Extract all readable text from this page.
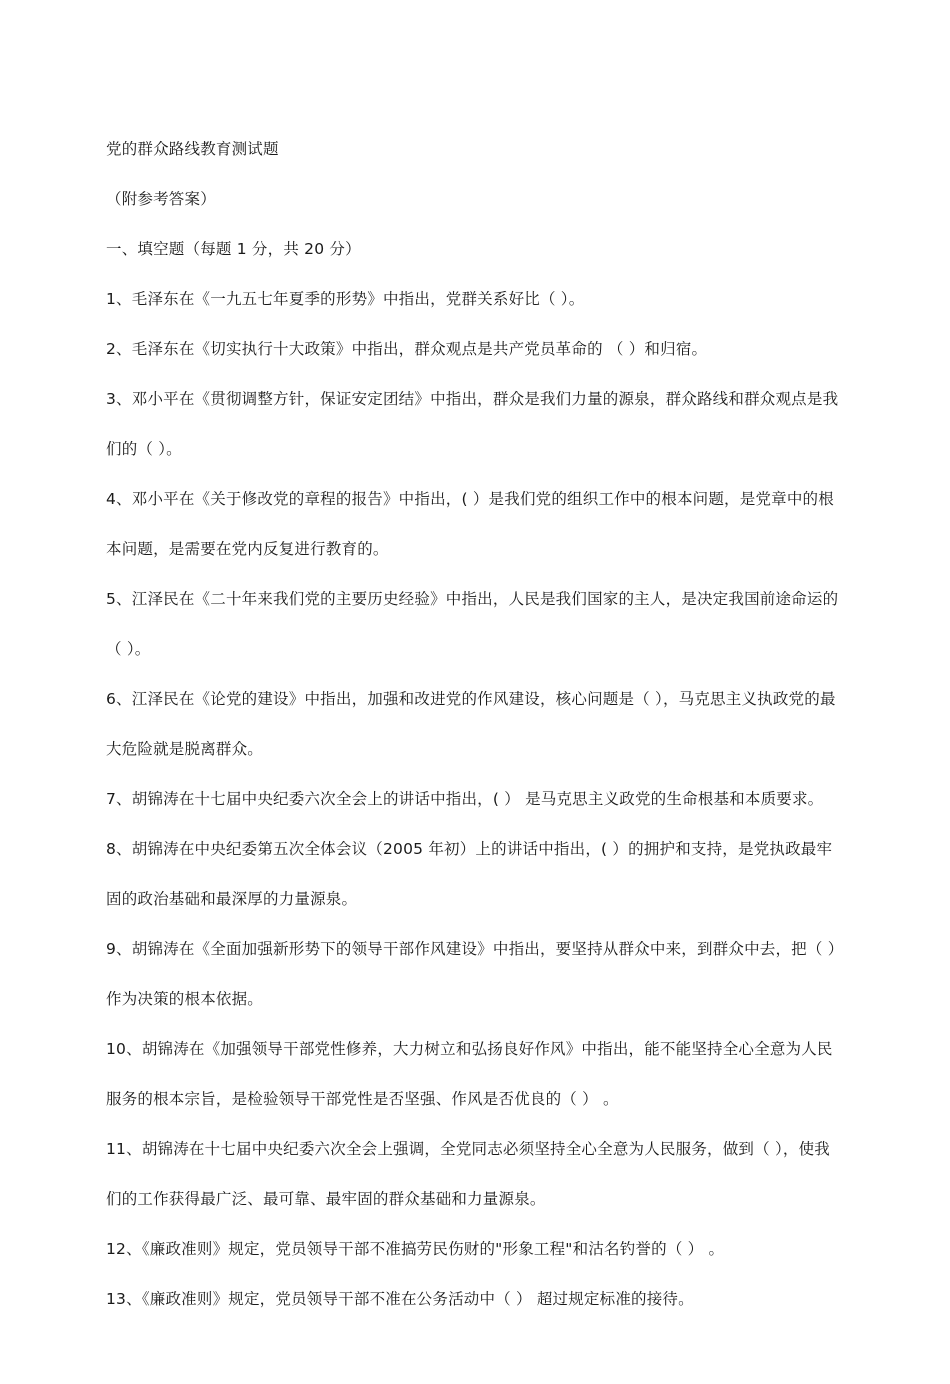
党的群众路线教育测试题
（附参考答案）
一、填空题（每题 1 分，共 20 分）
1、毛泽东在《一九五七年夏季的形势》中指出，党群关系好比（ ）。
2、毛泽东在《切实执行十大政策》中指出，群众观点是共产党员革命的 （ ）和归宿。
3、邓小平在《贯彻调整方针，保证安定团结》中指出，群众是我们力量的源泉，群众路线和群众观点是我
们的（ ）。
4、邓小平在《关于修改党的章程的报告》中指出，( ）是我们党的组织工作中的根本问题，是党章中的根
本问题，是需要在党内反复进行教育的。
5、江泽民在《二十年来我们党的主要历史经验》中指出，人民是我们国家的主人，是决定我国前途命运的
（ ）。
6、江泽民在《论党的建设》中指出，加强和改进党的作风建设，核心问题是（ ），马克思主义执政党的最
大危险就是脱离群众。
7、胡锦涛在十七届中央纪委六次全会上的讲话中指出，( ） 是马克思主义政党的生命根基和本质要求。
8、胡锦涛在中央纪委第五次全体会议（2005 年初）上的讲话中指出，( ）的拥护和支持，是党执政最牢
固的政治基础和最深厚的力量源泉。
9、胡锦涛在《全面加强新形势下的领导干部作风建设》中指出，要坚持从群众中来，到群众中去，把（ ）
作为决策的根本依据。
10、胡锦涛在《加强领导干部党性修养，大力树立和弘扬良好作风》中指出，能不能坚持全心全意为人民
服务的根本宗旨，是检验领导干部党性是否坚强、作风是否优良的（ ） 。
11、胡锦涛在十七届中央纪委六次全会上强调，全党同志必须坚持全心全意为人民服务，做到（ ），使我
们的工作获得最广泛、最可靠、最牢固的群众基础和力量源泉。
12、《廉政准则》规定，党员领导干部不准搞劳民伤财的"形象工程"和沽名钓誉的（ ） 。
13、《廉政准则》规定，党员领导干部不准在公务活动中（ ） 超过规定标准的接待。
